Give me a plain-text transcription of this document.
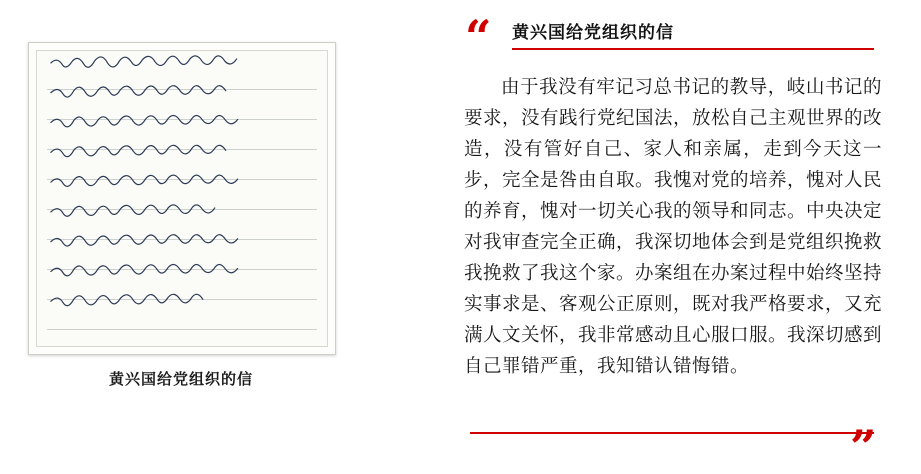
黄兴国给党组织的信
“ 黄兴国给党组织的信
由于我没有牢记习总书记的教导，岐山书记的要求，没有践行党纪国法，放松自己主观世界的改造，没有管好自己、家人和亲属，走到今天这一步，完全是咎由自取。我愧对党的培养，愧对人民的养育，愧对一切关心我的领导和同志。中央决定对我审查完全正确，我深切地体会到是党组织挽救我挽救了我这个家。办案组在办案过程中始终坚持实事求是、客观公正原则，既对我严格要求，又充满人文关怀，我非常感动且心服口服。我深切感到自己罪错严重，我知错认错悔错。
”
